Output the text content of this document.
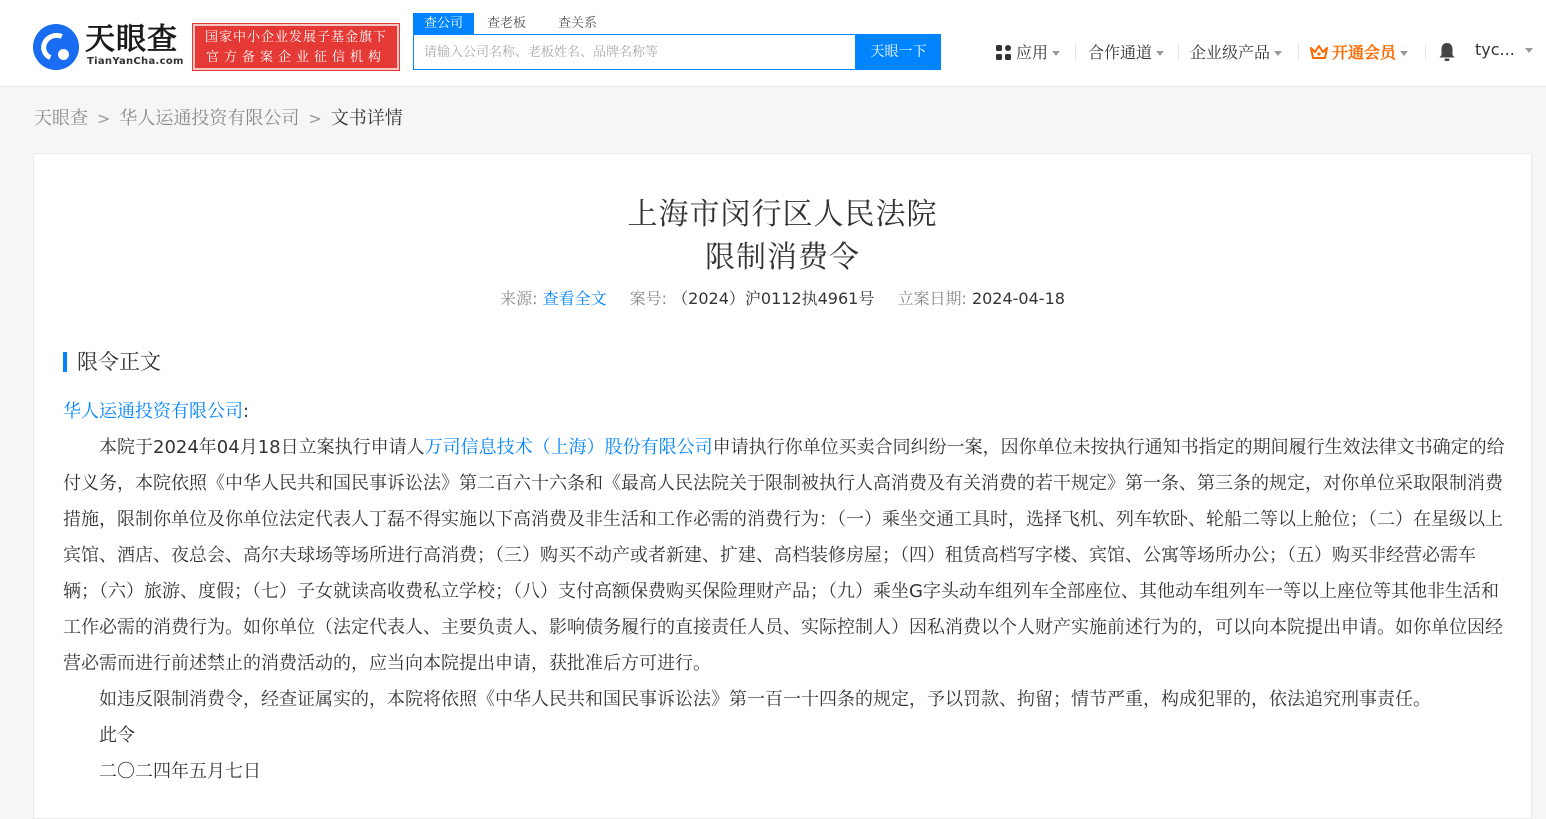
天眼查
TianYanCha.com
国家中小企业发展子基金旗下
官方备案企业征信机构
查公司 查老板 查关系
请输入公司名称、老板姓名、品牌名称等
天眼一下	应用	合作通道	企业级产品	开通会员	tyc...
天眼查 > 华人运通投资有限公司 > 文书详情
上海市闵行区人民法院
限制消费令
来源: 查看全文 案号: （2024）沪0112执4961号 立案日期: 2024-04-18
限令正文

华人运通投资有限公司:

本院于2024年04月18日立案执行申请人万司信息技术（上海）股份有限公司申请执行你单位买卖合同纠纷一案，因你单位未按执行通知书指定的期间履行生效法律文书确定的给付义务，本院依照《中华人民共和国民事诉讼法》第二百六十六条和《最高人民法院关于限制被执行人高消费及有关消费的若干规定》第一条、第三条的规定，对你单位采取限制消费措施，限制你单位及你单位法定代表人丁磊不得实施以下高消费及非生活和工作必需的消费行为：（一）乘坐交通工具时，选择飞机、列车软卧、轮船二等以上舱位；（二）在星级以上宾馆、酒店、夜总会、高尔夫球场等场所进行高消费；（三）购买不动产或者新建、扩建、高档装修房屋；（四）租赁高档写字楼、宾馆、公寓等场所办公；（五）购买非经营必需车辆；（六）旅游、度假；（七）子女就读高收费私立学校；（八）支付高额保费购买保险理财产品；（九）乘坐G字头动车组列车全部座位、其他动车组列车一等以上座位等其他非生活和工作必需的消费行为。如你单位（法定代表人、主要负责人、影响债务履行的直接责任人员、实际控制人）因私消费以个人财产实施前述行为的，可以向本院提出申请。如你单位因经营必需而进行前述禁止的消费活动的，应当向本院提出申请，获批准后方可进行。

如违反限制消费令，经查证属实的，本院将依照《中华人民共和国民事诉讼法》第一百一十四条的规定，予以罚款、拘留；情节严重，构成犯罪的，依法追究刑事责任。

此令

二〇二四年五月七日
